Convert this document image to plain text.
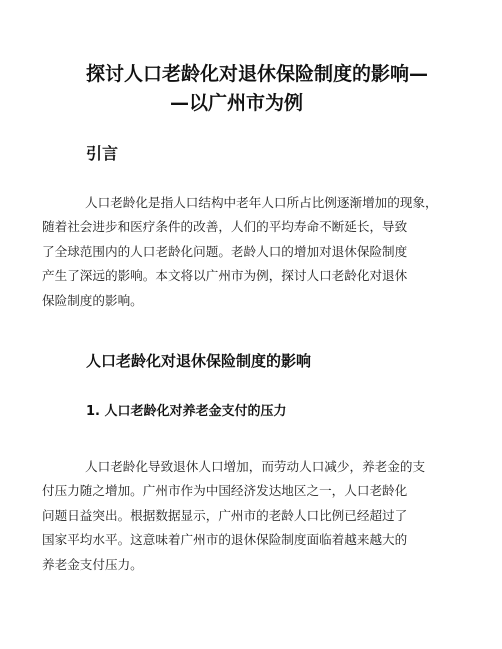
探讨人口老龄化对退休保险制度的影响—
—以广州市为例
引言
人口老龄化是指人口结构中老年人口所占比例逐渐增加的现象，
随着社会进步和医疗条件的改善，人们的平均寿命不断延长，导致
了全球范围内的人口老龄化问题。老龄人口的增加对退休保险制度
产生了深远的影响。本文将以广州市为例，探讨人口老龄化对退休
保险制度的影响。
人口老龄化对退休保险制度的影响
1. 人口老龄化对养老金支付的压力
人口老龄化导致退休人口增加，而劳动人口减少，养老金的支
付压力随之增加。广州市作为中国经济发达地区之一，人口老龄化
问题日益突出。根据数据显示，广州市的老龄人口比例已经超过了
国家平均水平。这意味着广州市的退休保险制度面临着越来越大的
养老金支付压力。
